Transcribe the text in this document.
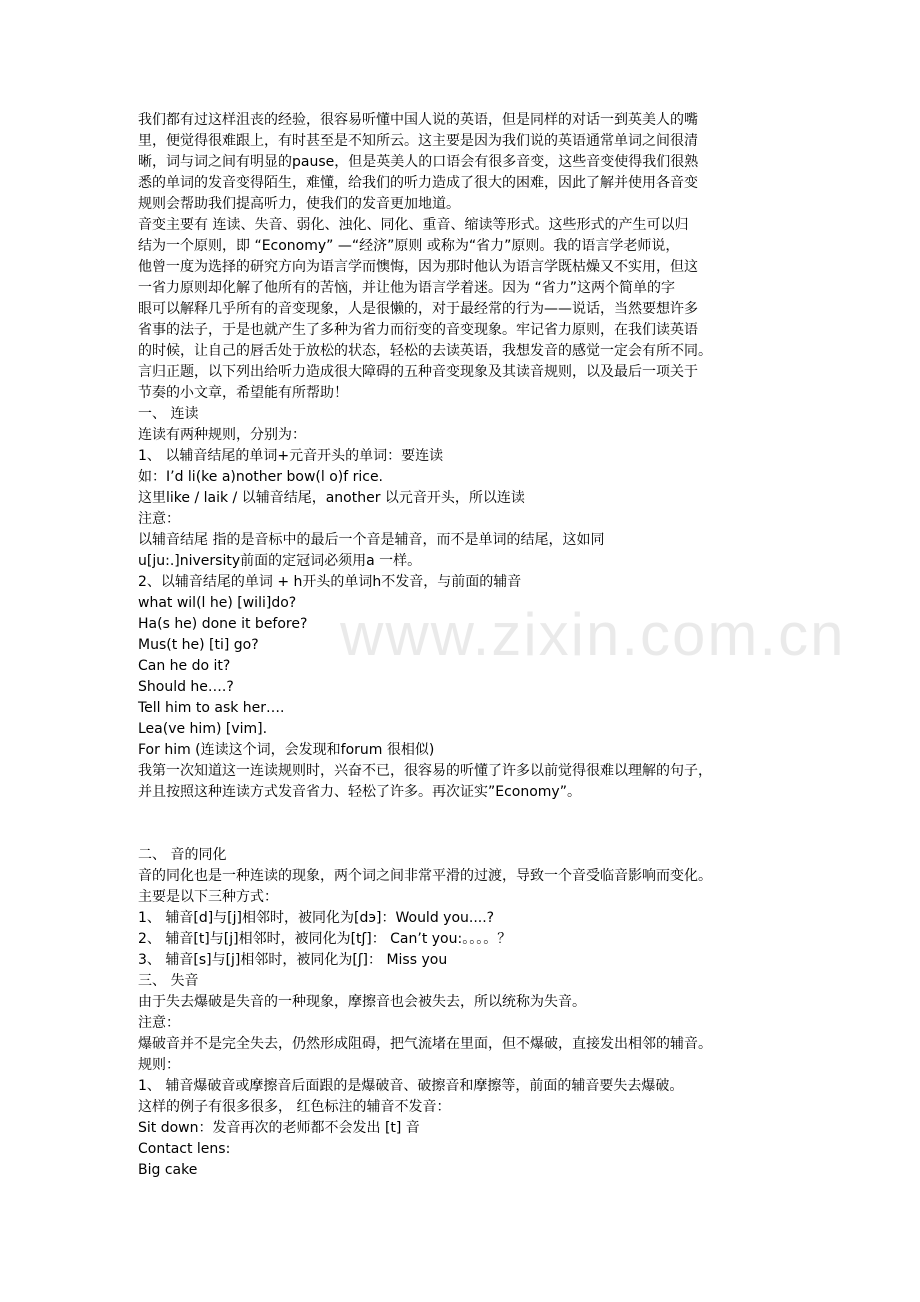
www.zixin.com.cn
我们都有过这样沮丧的经验，很容易听懂中国人说的英语，但是同样的对话一到英美人的嘴
里，便觉得很难跟上，有时甚至是不知所云。这主要是因为我们说的英语通常单词之间很清
晰，词与词之间有明显的pause，但是英美人的口语会有很多音变，这些音变使得我们很熟
悉的单词的发音变得陌生，难懂，给我们的听力造成了很大的困难，因此了解并使用各音变
规则会帮助我们提高听力，使我们的发音更加地道。
音变主要有 连读、失音、弱化、浊化、同化、重音、缩读等形式。这些形式的产生可以归
结为一个原则，即 “Economy” —“经济”原则 或称为“省力”原则。我的语言学老师说，
他曾一度为选择的研究方向为语言学而懊悔，因为那时他认为语言学既枯燥又不实用，但这
一省力原则却化解了他所有的苦恼，并让他为语言学着迷。因为 “省力”这两个简单的字
眼可以解释几乎所有的音变现象，人是很懒的，对于最经常的行为——说话，当然要想许多
省事的法子，于是也就产生了多种为省力而衍变的音变现象。牢记省力原则，在我们读英语
的时候，让自己的唇舌处于放松的状态，轻松的去读英语，我想发音的感觉一定会有所不同。
言归正题，以下列出给听力造成很大障碍的五种音变现象及其读音规则，以及最后一项关于
节奏的小文章，希望能有所帮助！
一、 连读
连读有两种规则，分别为：
1、 以辅音结尾的单词+元音开头的单词：要连读
如：I’d li(ke a)nother bow(l o)f rice.
这里like / laik / 以辅音结尾，another 以元音开头，所以连读
注意：
以辅音结尾 指的是音标中的最后一个音是辅音，而不是单词的结尾，这如同
u[ju:.]niversity前面的定冠词必须用a 一样。
2、以辅音结尾的单词 + h开头的单词h不发音，与前面的辅音
what wil(l he) [wili]do?
Ha(s he) done it before?
Mus(t he) [ti] go?
Can he do it?
Should he….?
Tell him to ask her….
Lea(ve him) [vim].
For him (连读这个词，会发现和forum 很相似)
我第一次知道这一连读规则时，兴奋不已，很容易的听懂了许多以前觉得很难以理解的句子，
并且按照这种连读方式发音省力、轻松了许多。再次证实”Economy”。
二、 音的同化
音的同化也是一种连读的现象，两个词之间非常平滑的过渡，导致一个音受临音影响而变化。
主要是以下三种方式：
1、 辅音[d]与[j]相邻时，被同化为[dэ]：Would you....?
2、 辅音[t]与[j]相邻时，被同化为[tʃ]： Can’t you:。。。。？
3、 辅音[s]与[j]相邻时，被同化为[ʃ]： Miss you
三、 失音
由于失去爆破是失音的一种现象，摩擦音也会被失去，所以统称为失音。
注意：
爆破音并不是完全失去，仍然形成阻碍，把气流堵在里面，但不爆破，直接发出相邻的辅音。
规则：
1、 辅音爆破音或摩擦音后面跟的是爆破音、破擦音和摩擦等，前面的辅音要失去爆破。
这样的例子有很多很多， 红色标注的辅音不发音：
Sit down：发音再次的老师都不会发出 [t] 音
Contact lens:
Big cake
